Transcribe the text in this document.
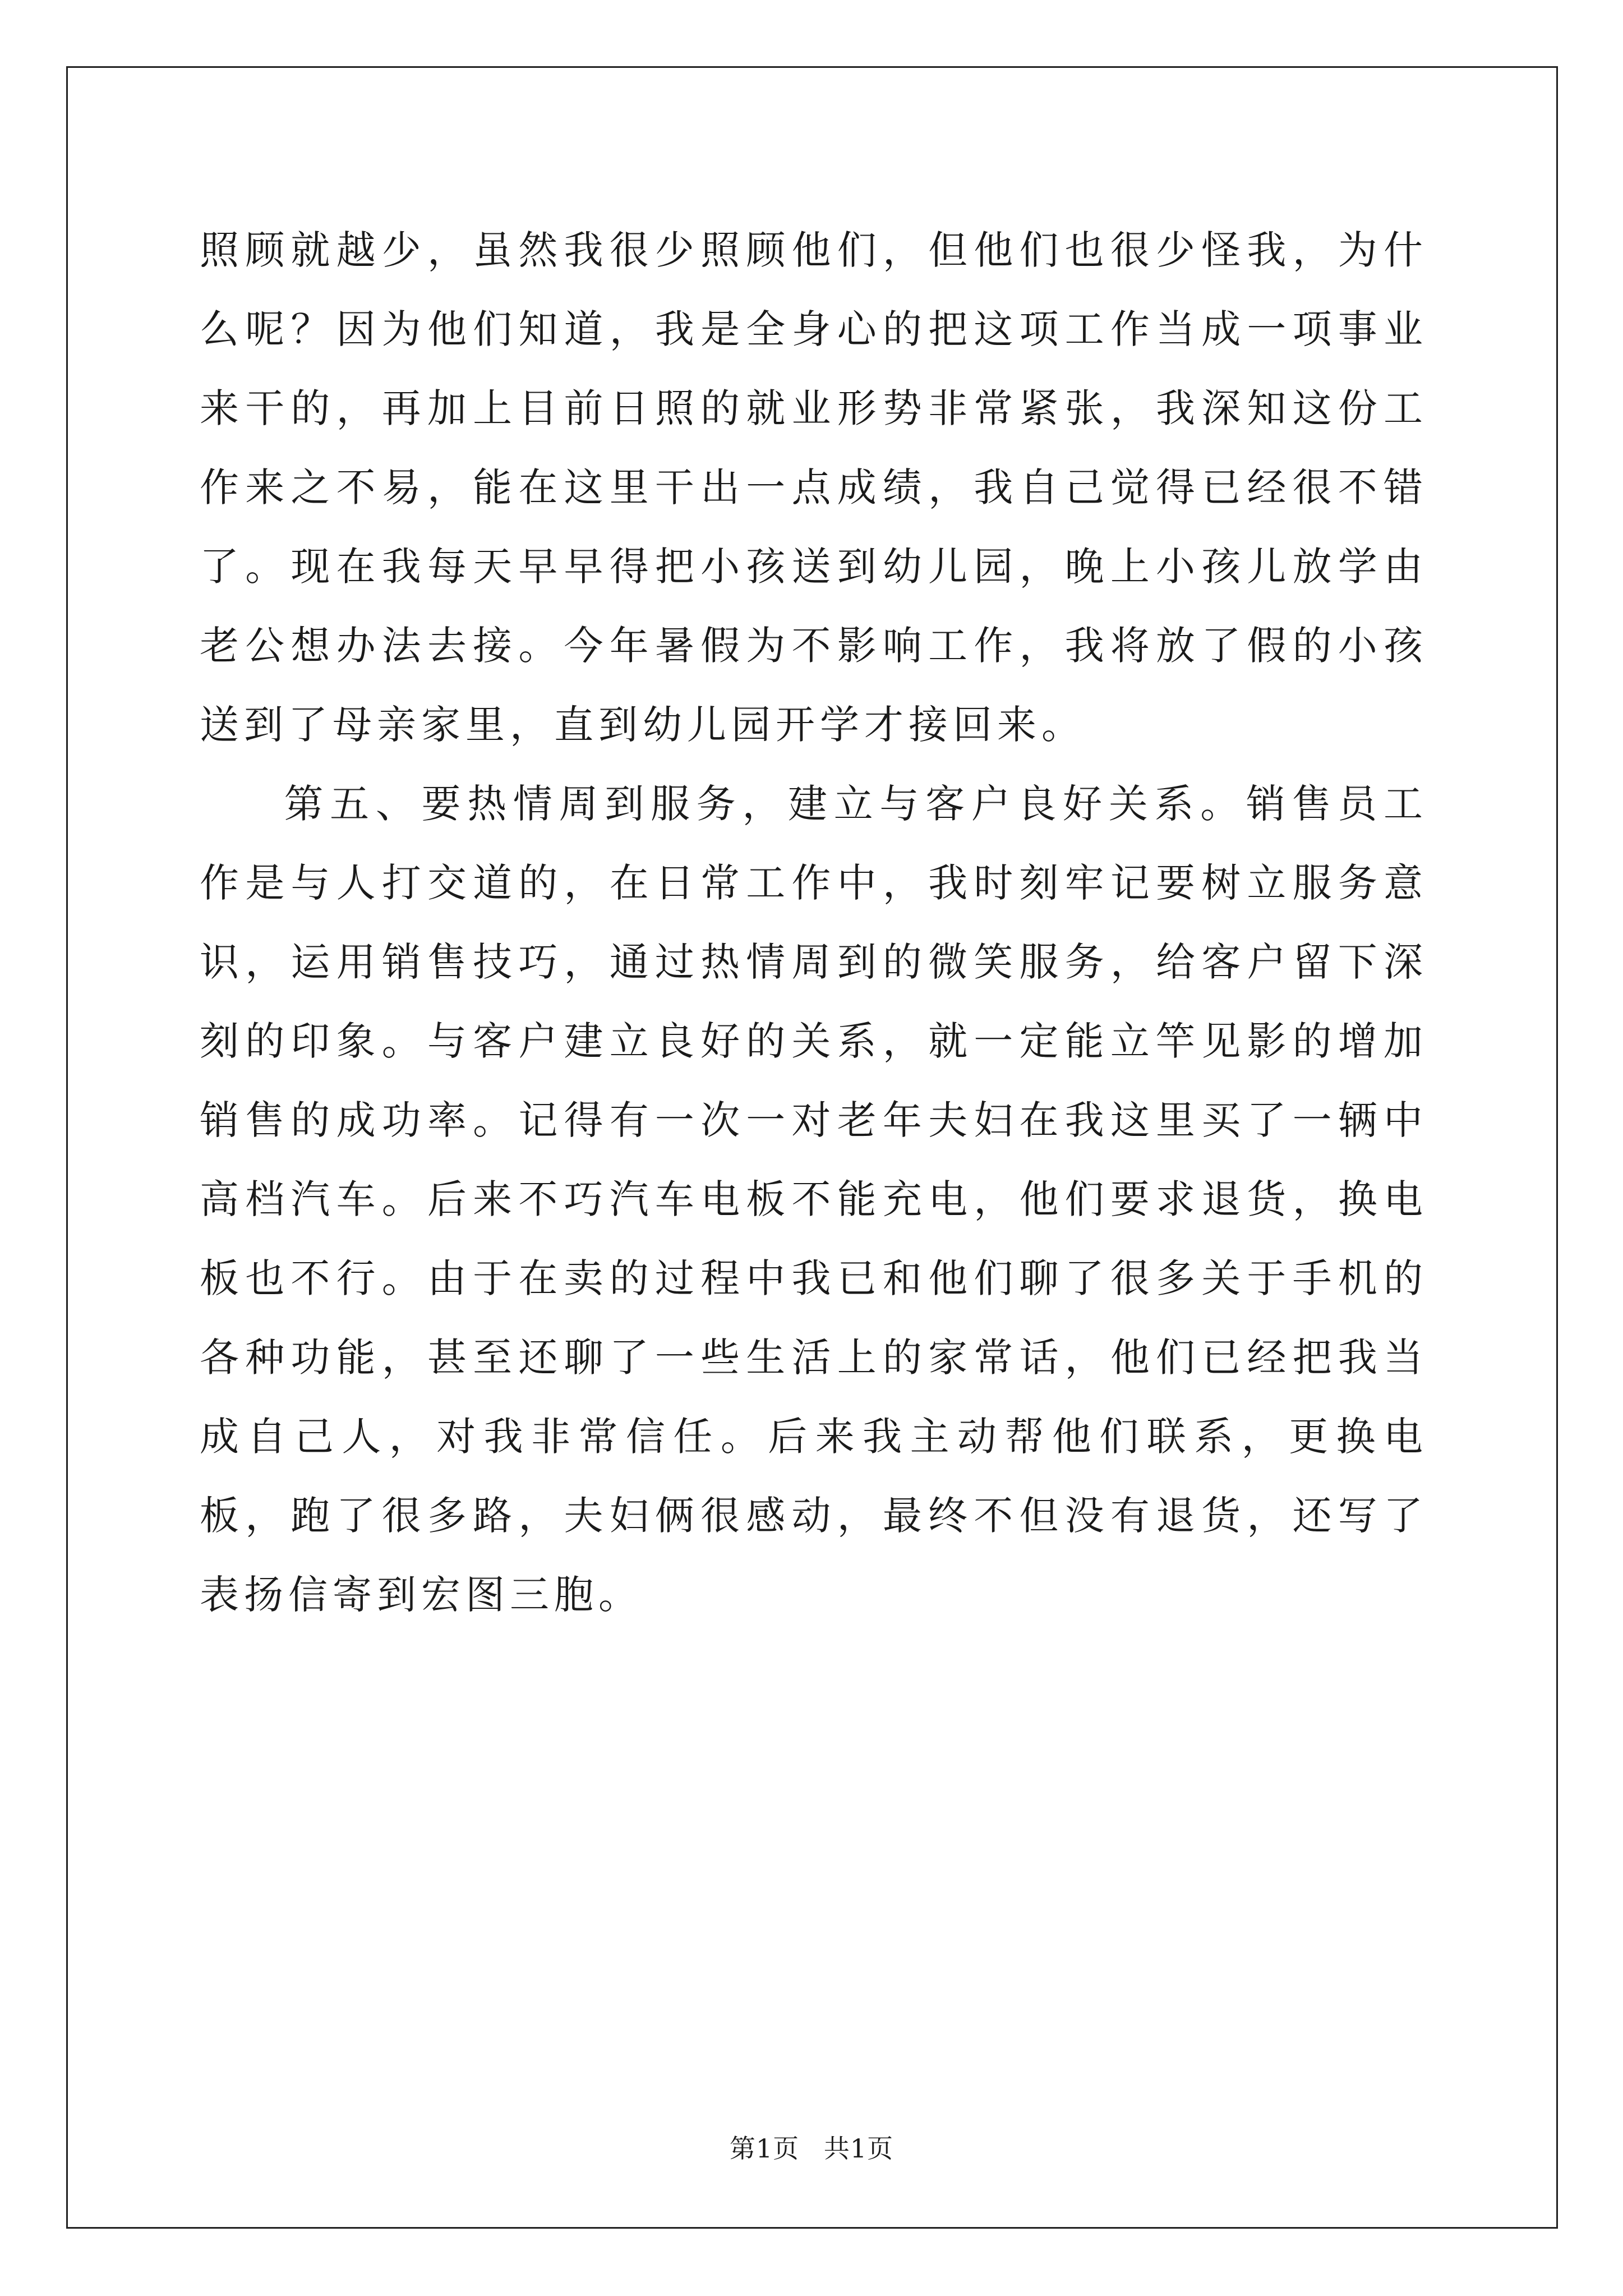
照顾就越少，虽然我很少照顾他们，但他们也很少怪我，为什么呢？因为他们知道，我是全身心的把这项工作当成一项事业来干的，再加上目前日照的就业形势非常紧张，我深知这份工作来之不易，能在这里干出一点成绩，我自己觉得已经很不错了。现在我每天早早得把小孩送到幼儿园，晚上小孩儿放学由老公想办法去接。今年暑假为不影响工作，我将放了假的小孩送到了母亲家里，直到幼儿园开学才接回来。

第五、要热情周到服务，建立与客户良好关系。销售员工作是与人打交道的，在日常工作中，我时刻牢记要树立服务意识，运用销售技巧，通过热情周到的微笑服务，给客户留下深刻的印象。与客户建立良好的关系，就一定能立竿见影的增加销售的成功率。记得有一次一对老年夫妇在我这里买了一辆中高档汽车。后来不巧汽车电板不能充电，他们要求退货，换电板也不行。由于在卖的过程中我已和他们聊了很多关于手机的各种功能，甚至还聊了一些生活上的家常话，他们已经把我当成自己人，对我非常信任。后来我主动帮他们联系，更换电板，跑了很多路，夫妇俩很感动，最终不但没有退货，还写了表扬信寄到宏图三胞。

第1页 共1页
